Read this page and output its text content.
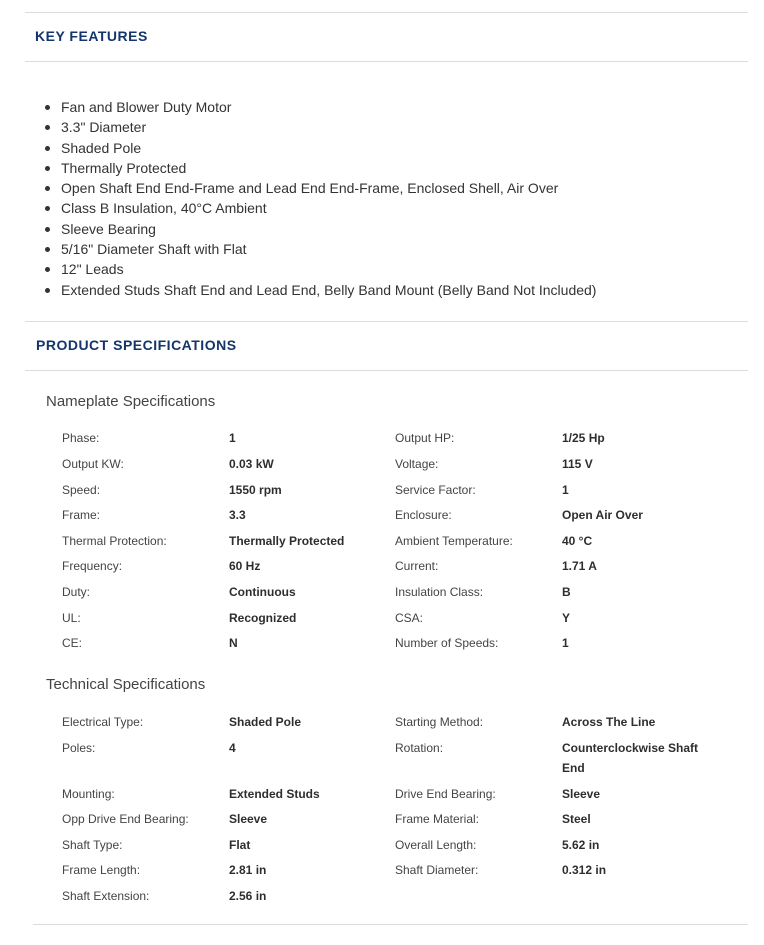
KEY FEATURES
Fan and Blower Duty Motor
3.3" Diameter
Shaded Pole
Thermally Protected
Open Shaft End End-Frame and Lead End End-Frame, Enclosed Shell, Air Over
Class B Insulation, 40°C Ambient
Sleeve Bearing
5/16" Diameter Shaft with Flat
12" Leads
Extended Studs Shaft End and Lead End, Belly Band Mount (Belly Band Not Included)
PRODUCT SPECIFICATIONS
Nameplate Specifications
Phase:	1	Output HP:	1/25 Hp
Output KW:	0.03 kW	Voltage:	115 V
Speed:	1550 rpm	Service Factor:	1
Frame:	3.3	Enclosure:	Open Air Over
Thermal Protection:	Thermally Protected	Ambient Temperature:	40 °C
Frequency:	60 Hz	Current:	1.71 A
Duty:	Continuous	Insulation Class:	B
UL:	Recognized	CSA:	Y
CE:	N	Number of Speeds:	1
Technical Specifications
Electrical Type:	Shaded Pole	Starting Method:	Across The Line
Poles:	4	Rotation:	Counterclockwise Shaft End
Mounting:	Extended Studs	Drive End Bearing:	Sleeve
Opp Drive End Bearing:	Sleeve	Frame Material:	Steel
Shaft Type:	Flat	Overall Length:	5.62 in
Frame Length:	2.81 in	Shaft Diameter:	0.312 in
Shaft Extension:	2.56 in
